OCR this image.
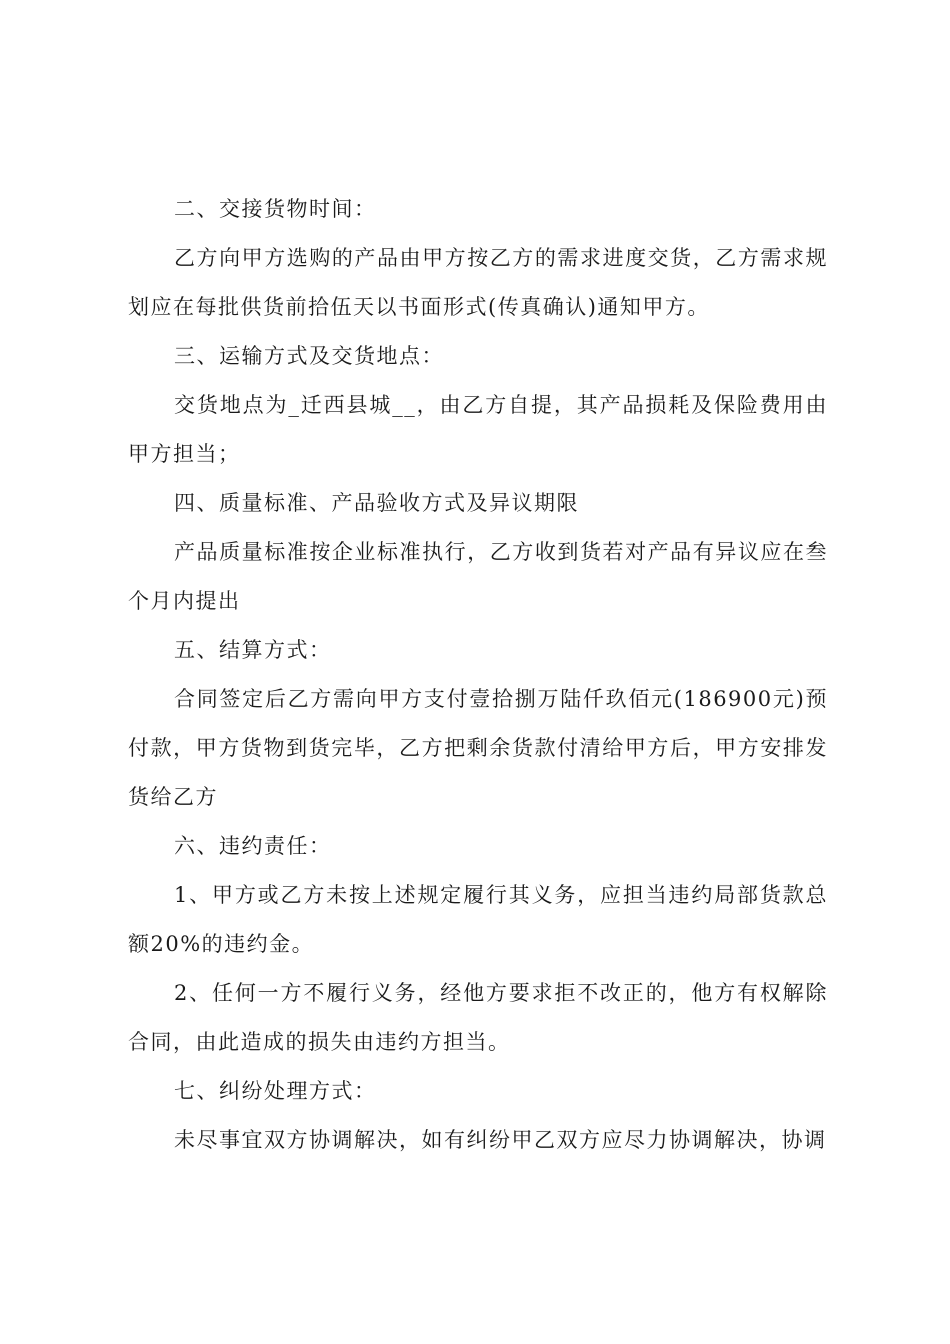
二、交接货物时间：

乙方向甲方选购的产品由甲方按乙方的需求进度交货，乙方需求规划应在每批供货前拾伍天以书面形式(传真确认)通知甲方。

三、运输方式及交货地点：

交货地点为_迁西县城__，由乙方自提，其产品损耗及保险费用由甲方担当；

四、质量标准、产品验收方式及异议期限

产品质量标准按企业标准执行，乙方收到货若对产品有异议应在叁个月内提出

五、结算方式：

合同签定后乙方需向甲方支付壹拾捌万陆仟玖佰元(186900元)预付款，甲方货物到货完毕，乙方把剩余货款付清给甲方后，甲方安排发货给乙方

六、违约责任：

1、甲方或乙方未按上述规定履行其义务，应担当违约局部货款总额20%的违约金。

2、任何一方不履行义务，经他方要求拒不改正的，他方有权解除合同，由此造成的损失由违约方担当。

七、纠纷处理方式：

未尽事宜双方协调解决，如有纠纷甲乙双方应尽力协调解决，协调
